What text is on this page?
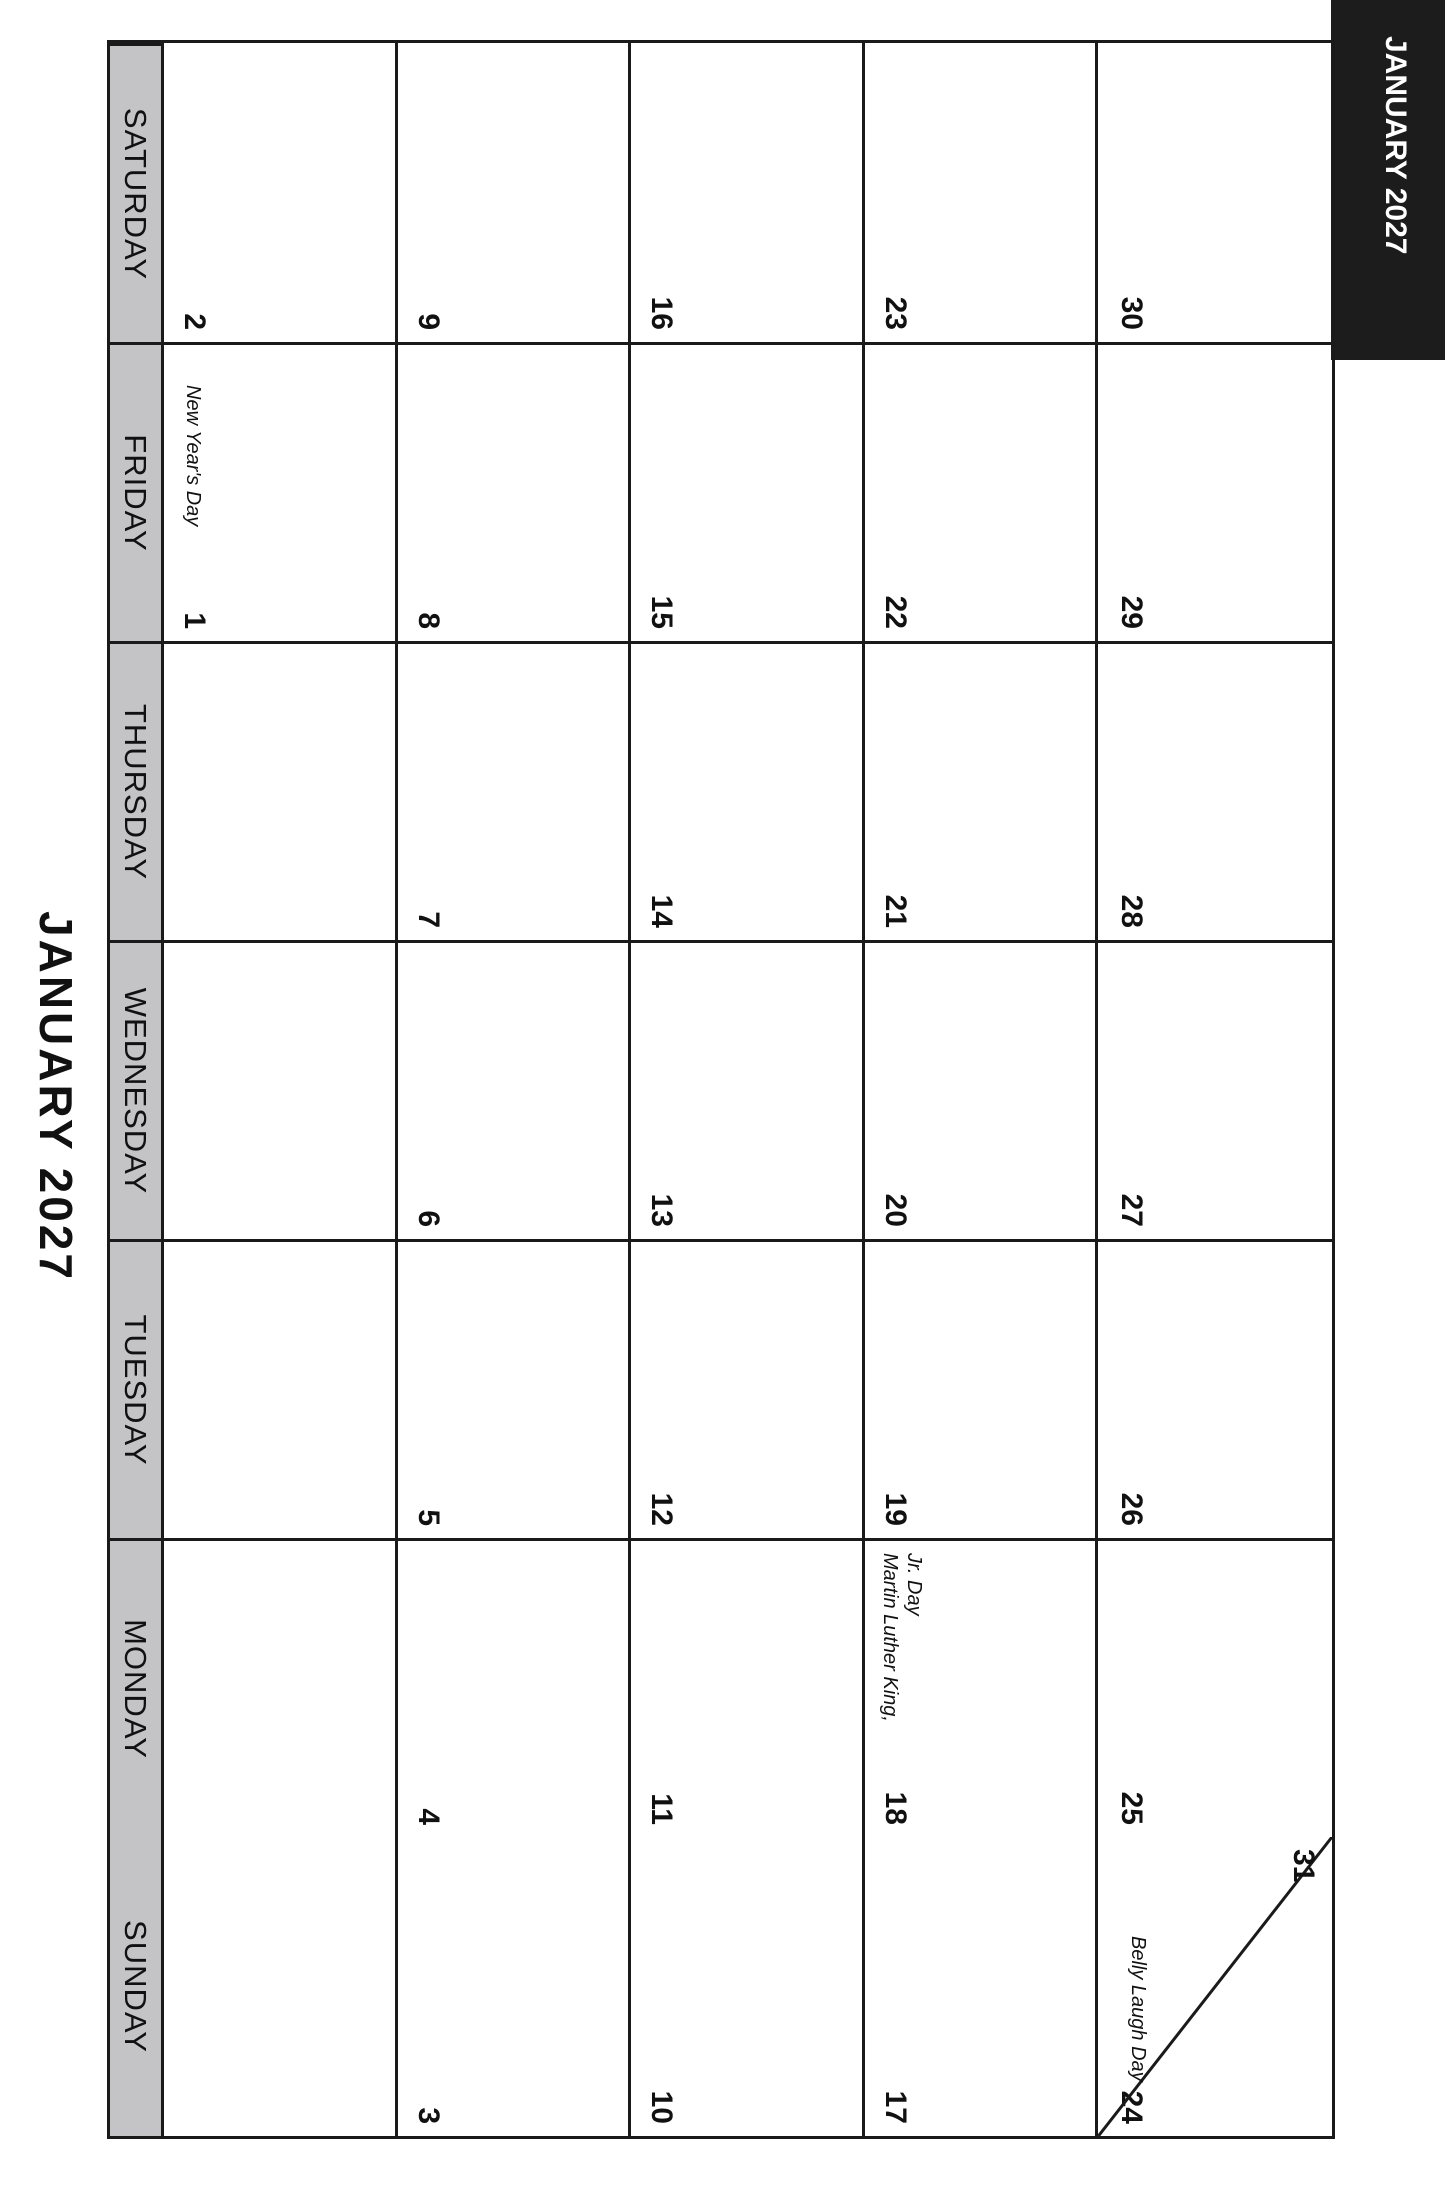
JANUARY 2027
JANUARY 2027
SUNDAY
MONDAY
TUESDAY
WEDNESDAY
THURSDAY
FRIDAY
SATURDAY
1
New Year's Day
2
3
4
5
6
7
8
9
10
11
12
13
14
15
16
17
18
Martin Luther King, Jr. Day
19
20
21
22
23
24
31
Belly Laugh Day
25
26
27
28
29
30
